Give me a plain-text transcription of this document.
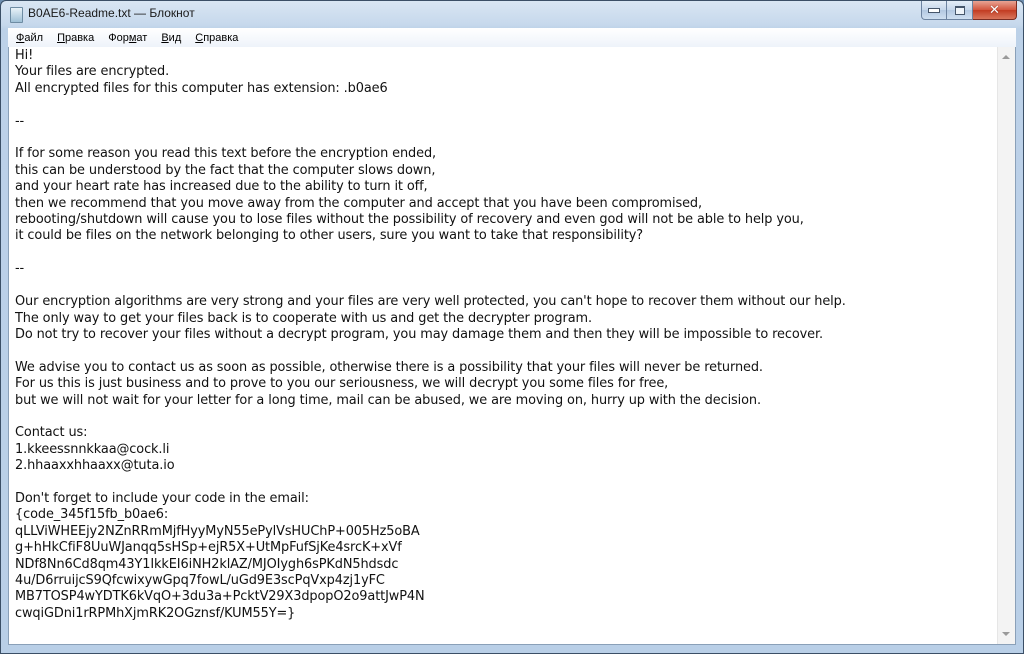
B0AE6-Readme.txt — Блокнот	✕
Файл	Правка	Формат	Вид	Справка
Hi!
Your files are encrypted.
All encrypted files for this computer has extension: .b0ae6

--

If for some reason you read this text before the encryption ended,
this can be understood by the fact that the computer slows down,
and your heart rate has increased due to the ability to turn it off,
then we recommend that you move away from the computer and accept that you have been compromised,
rebooting/shutdown will cause you to lose files without the possibility of recovery and even god will not be able to help you,
it could be files on the network belonging to other users, sure you want to take that responsibility?

--

Our encryption algorithms are very strong and your files are very well protected, you can't hope to recover them without our help.
The only way to get your files back is to cooperate with us and get the decrypter program.
Do not try to recover your files without a decrypt program, you may damage them and then they will be impossible to recover.

We advise you to contact us as soon as possible, otherwise there is a possibility that your files will never be returned.
For us this is just business and to prove to you our seriousness, we will decrypt you some files for free,
but we will not wait for your letter for a long time, mail can be abused, we are moving on, hurry up with the decision.

Contact us:
1.kkeessnnkkaa@cock.li
2.hhaaxxhhaaxx@tuta.io

Don't forget to include your code in the email:
{code_345f15fb_b0ae6:
qLLViWHEEjy2NZnRRmMjfHyyMyN55ePylVsHUChP+005Hz5oBA
g+hHkCfiF8UuWJanqq5sHSp+ejR5X+UtMpFufSjKe4srcK+xVf
NDf8Nn6Cd8qm43Y1IkkEI6iNH2klAZ/MJOIygh6sPKdN5hdsdc
4u/D6rruijcS9QfcwixywGpq7fowL/uGd9E3scPqVxp4zj1yFC
MB7TOSP4wYDTK6kVqO+3du3a+PcktV29X3dpopO2o9attJwP4N
cwqiGDni1rRPMhXjmRK2OGznsf/KUM55Y=}
